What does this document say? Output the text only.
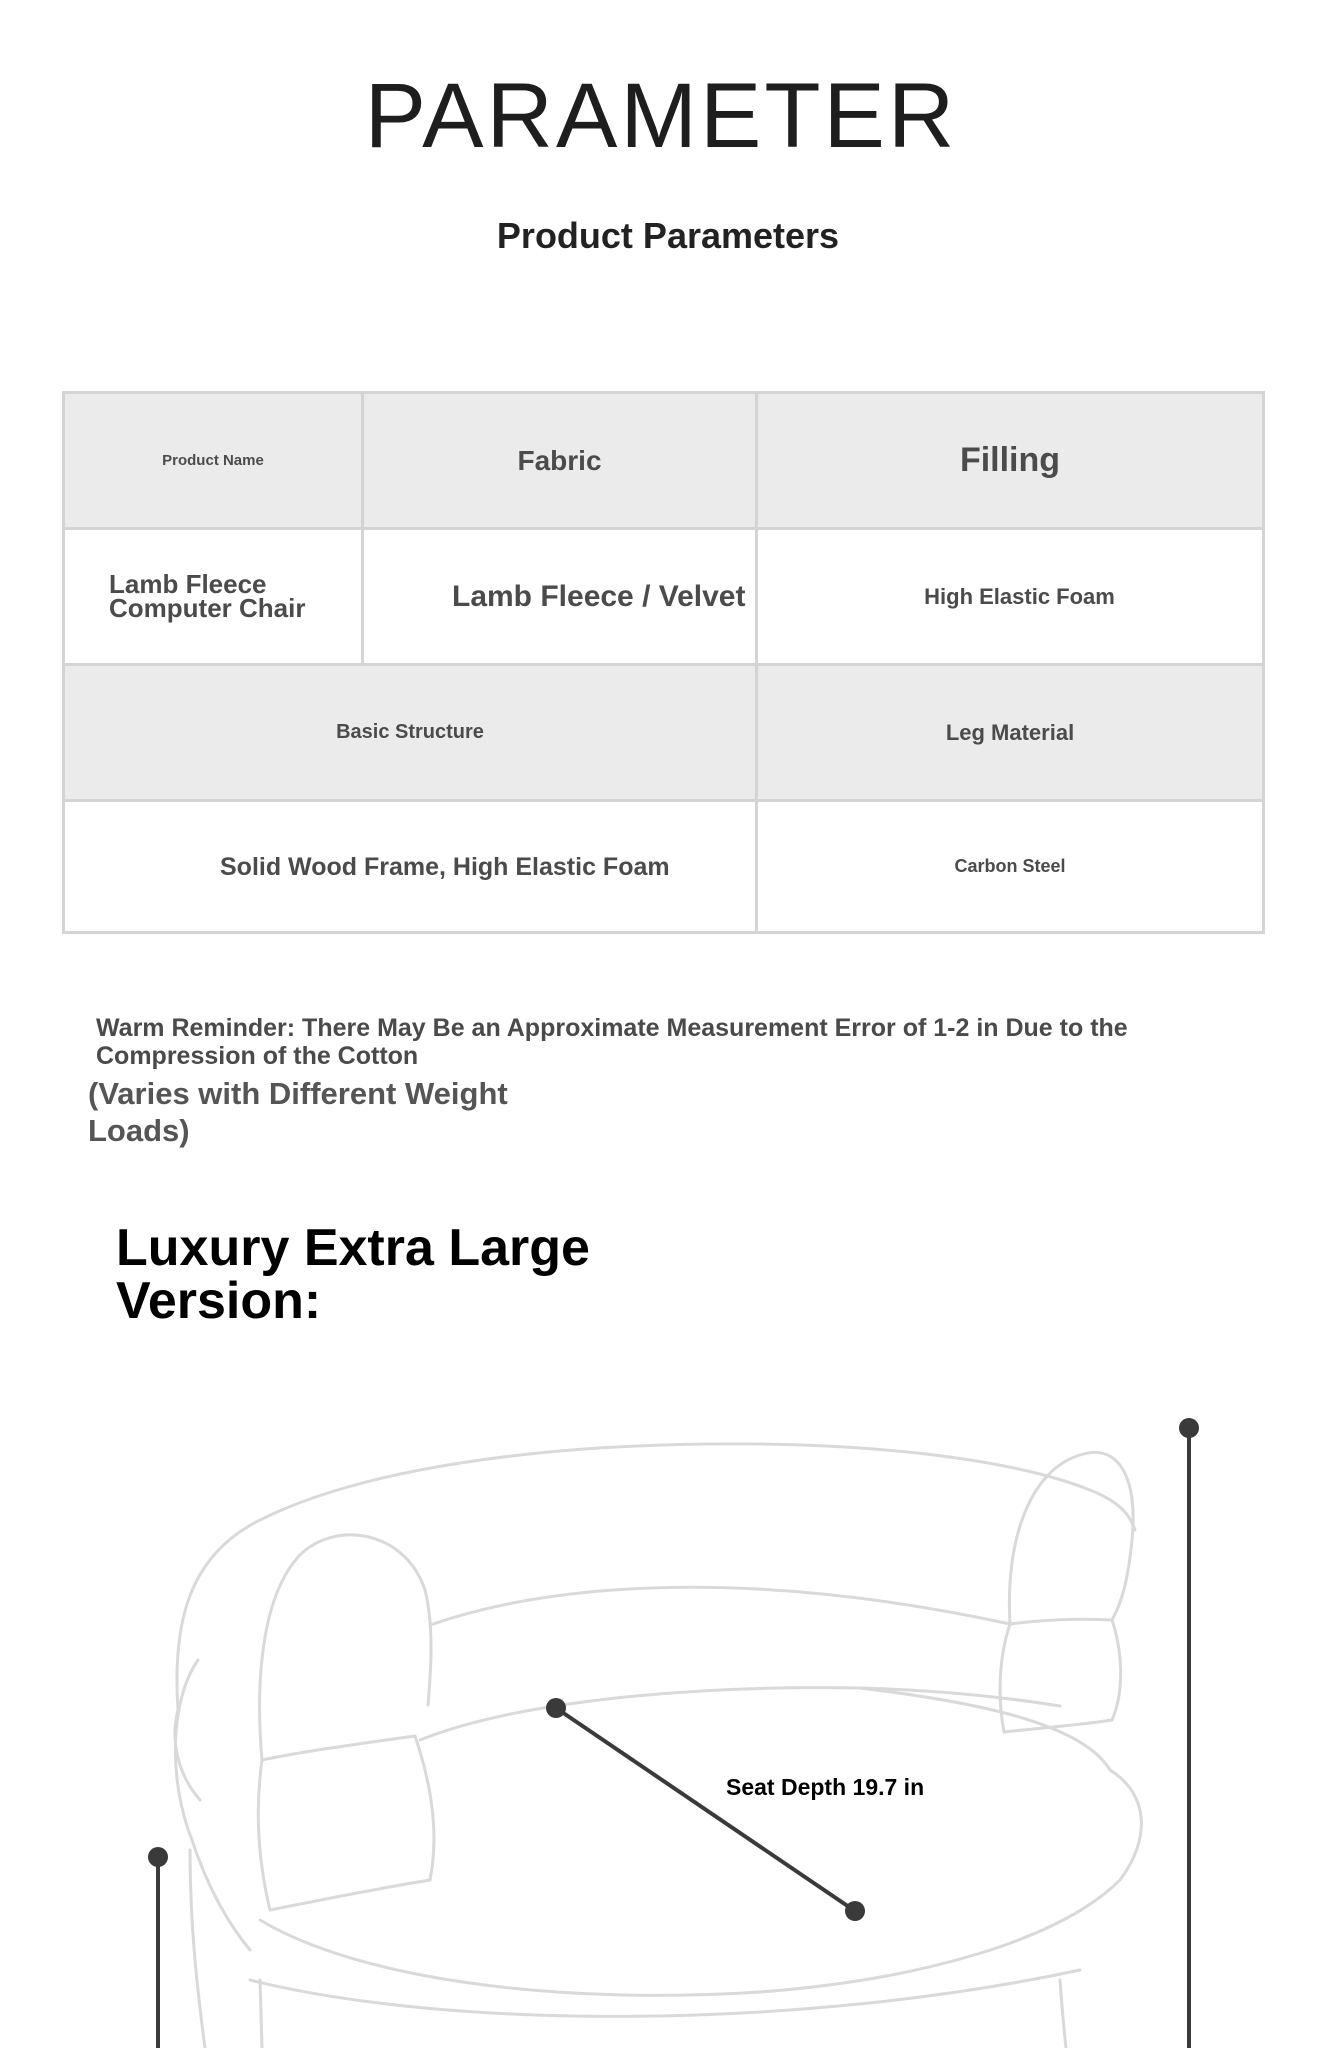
PARAMETER
Product Parameters
Product Name	Fabric	Filling
Lamb Fleece Computer Chair	Lamb Fleece / Velvet	High Elastic Foam
Basic Structure		Leg Material
Solid Wood Frame, High Elastic Foam		Carbon Steel
Warm Reminder: There May Be an Approximate Measurement Error of 1-2 in Due to the Compression of the Cotton
(Varies with Different Weight Loads)
Luxury Extra Large Version:
Seat Depth 19.7 in
